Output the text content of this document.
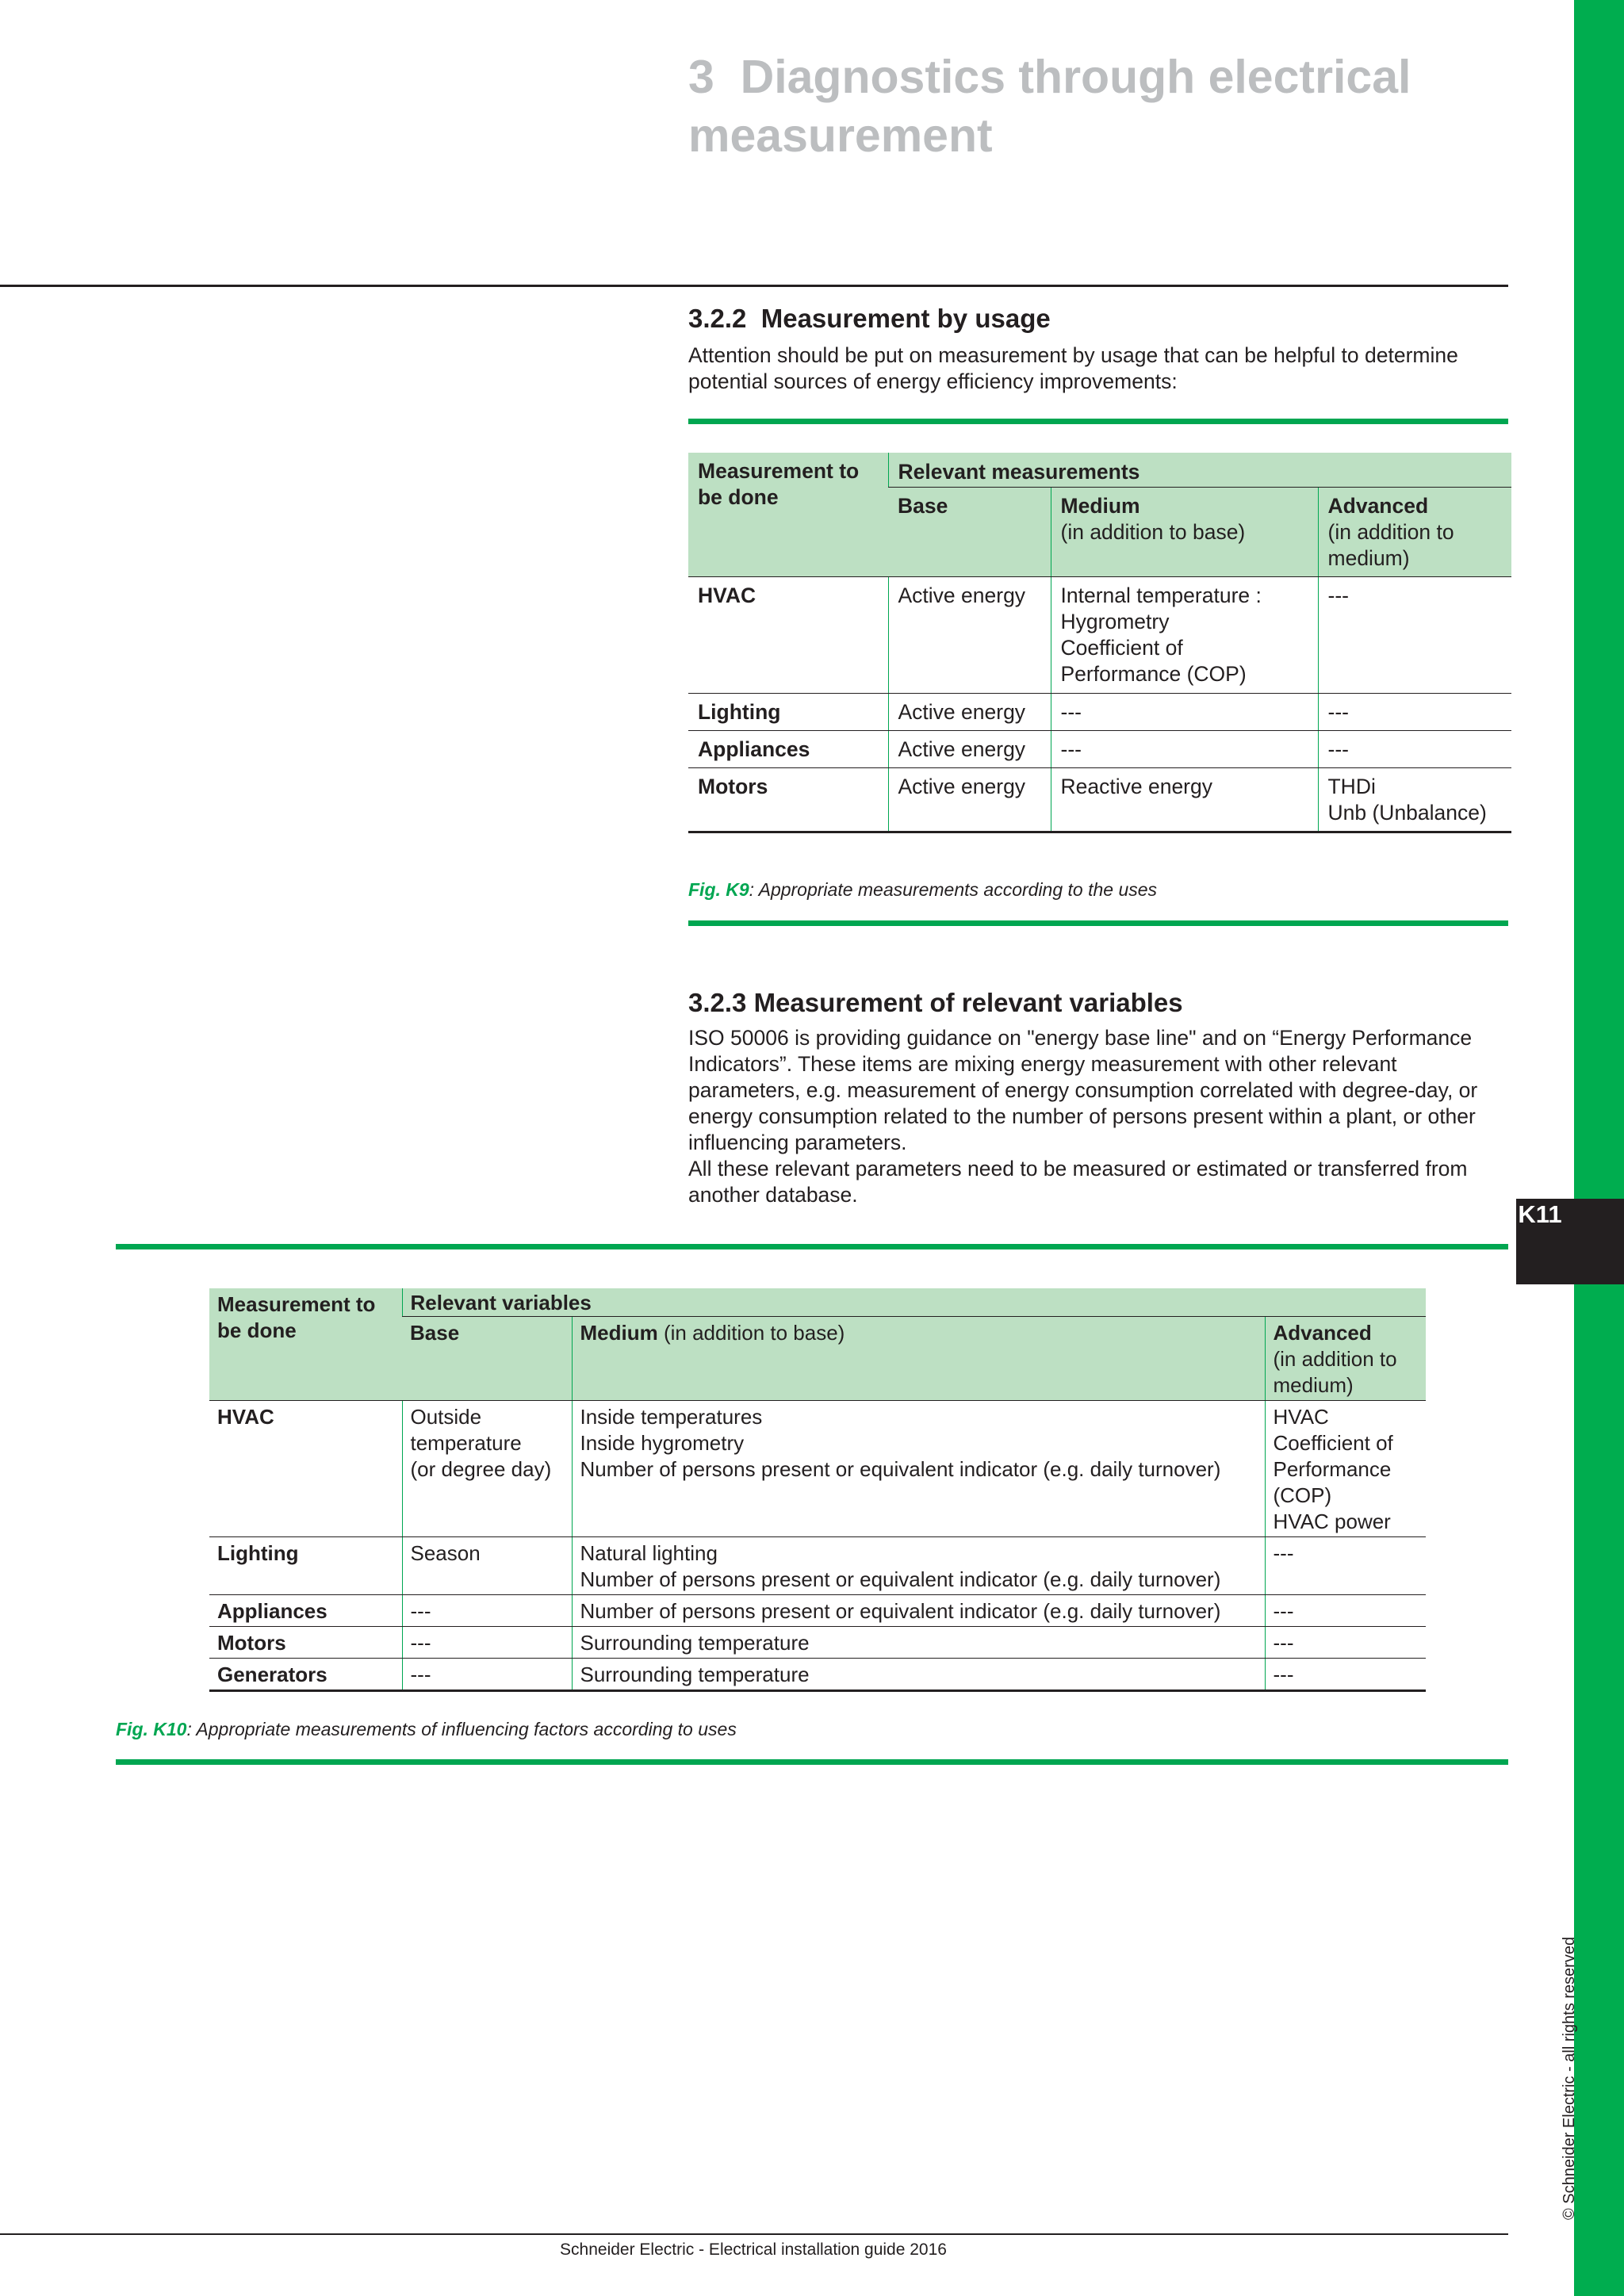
K11
© Schneider Electric - all rights reserved
3  Diagnostics through electrical
measurement
3.2.2  Measurement by usage

Attention should be put on measurement by usage that can be helpful to determine
potential sources of energy efficiency improvements:

Measurement to
be done	Relevant measurements		
	Base	Medium
(in addition to base)	Advanced
(in addition to
medium)

HVAC	Active energy	Internal temperature :
Hygrometry
Coefficient of
Performance (COP)	---
Lighting	Active energy	---	---
Appliances	Active energy	---	---
Motors	Active energy	Reactive energy	THDi
Unb (Unbalance)

Fig. K9: Appropriate measurements according to the uses

3.2.3 Measurement of relevant variables

ISO 50006 is providing guidance on "energy base line" and on “Energy Performance
Indicators”. These items are mixing energy measurement with other relevant
parameters, e.g. measurement of energy consumption correlated with degree-day, or
energy consumption related to the number of persons present within a plant, or other
influencing parameters.
All these relevant parameters need to be measured or estimated or transferred from
another database.

Measurement to
be done	Relevant variables		
	Base	Medium (in addition to base)	Advanced
(in addition to
medium)

HVAC	Outside
temperature
(or degree day)	Inside temperatures
Inside hygrometry
Number of persons present or equivalent indicator (e.g. daily turnover)	HVAC
Coefficient of
Performance
(COP)
HVAC power

Lighting	Season	Natural lighting
Number of persons present or equivalent indicator (e.g. daily turnover)	---
Appliances	---	Number of persons present or equivalent indicator (e.g. daily turnover)	---
Motors	---	Surrounding temperature	---
Generators	---	Surrounding temperature	---

Fig. K10: Appropriate measurements of influencing factors according to uses

Schneider Electric - Electrical installation guide 2016
